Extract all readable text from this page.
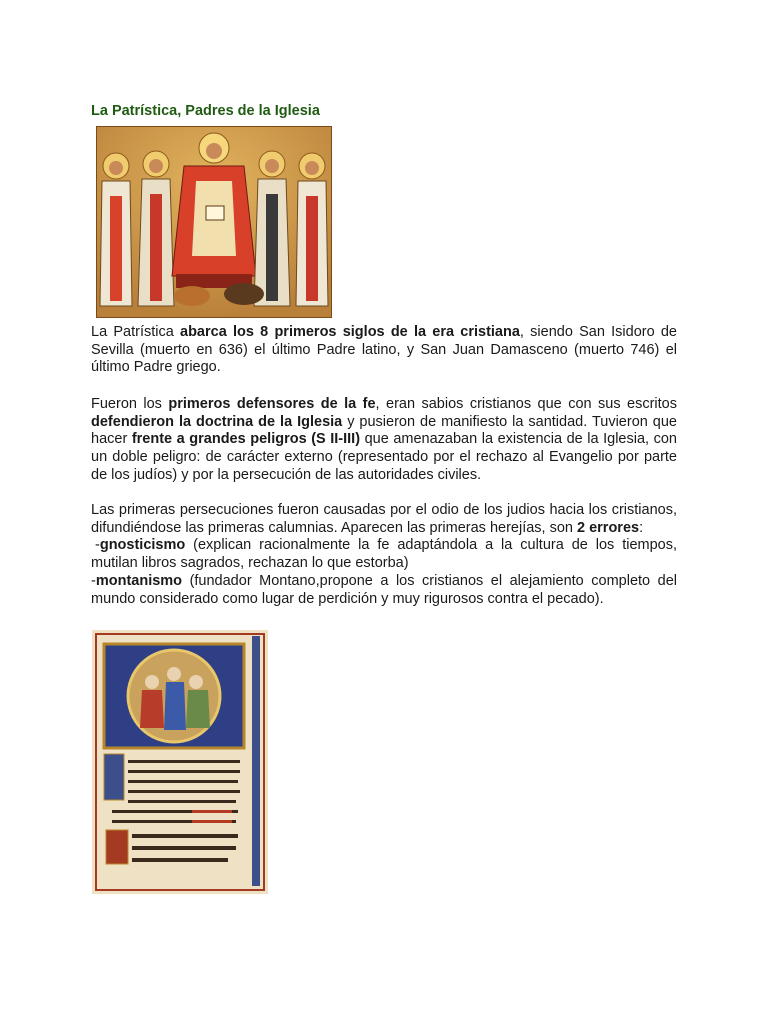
La Patrística, Padres de la Iglesia
La Patrística abarca los 8 primeros siglos de la era cristiana, siendo San Isidoro de Sevilla (muerto en 636) el último Padre latino, y San Juan Damasceno (muerto 746) el último Padre griego.
Fueron los primeros defensores de la fe, eran sabios cristianos que con sus escritos defendieron la doctrina de la Iglesia y pusieron de manifiesto la santidad. Tuvieron que hacer frente a grandes peligros (S II-III) que amenazaban la existencia de la Iglesia, con un doble peligro: de carácter externo (representado por el rechazo al Evangelio por parte de los judíos) y por la persecución de las autoridades civiles.
Las primeras persecuciones fueron causadas por el odio de los judios hacia los cristianos, difundiéndose las primeras calumnias. Aparecen las primeras herejías, son 2 errores:
-gnosticismo (explican racionalmente la fe adaptándola a la cultura de los tiempos, mutilan libros sagrados, rechazan lo que estorba)
-montanismo (fundador Montano,propone a los cristianos el alejamiento completo del mundo considerado como lugar de perdición y muy rigurosos contra el pecado).
